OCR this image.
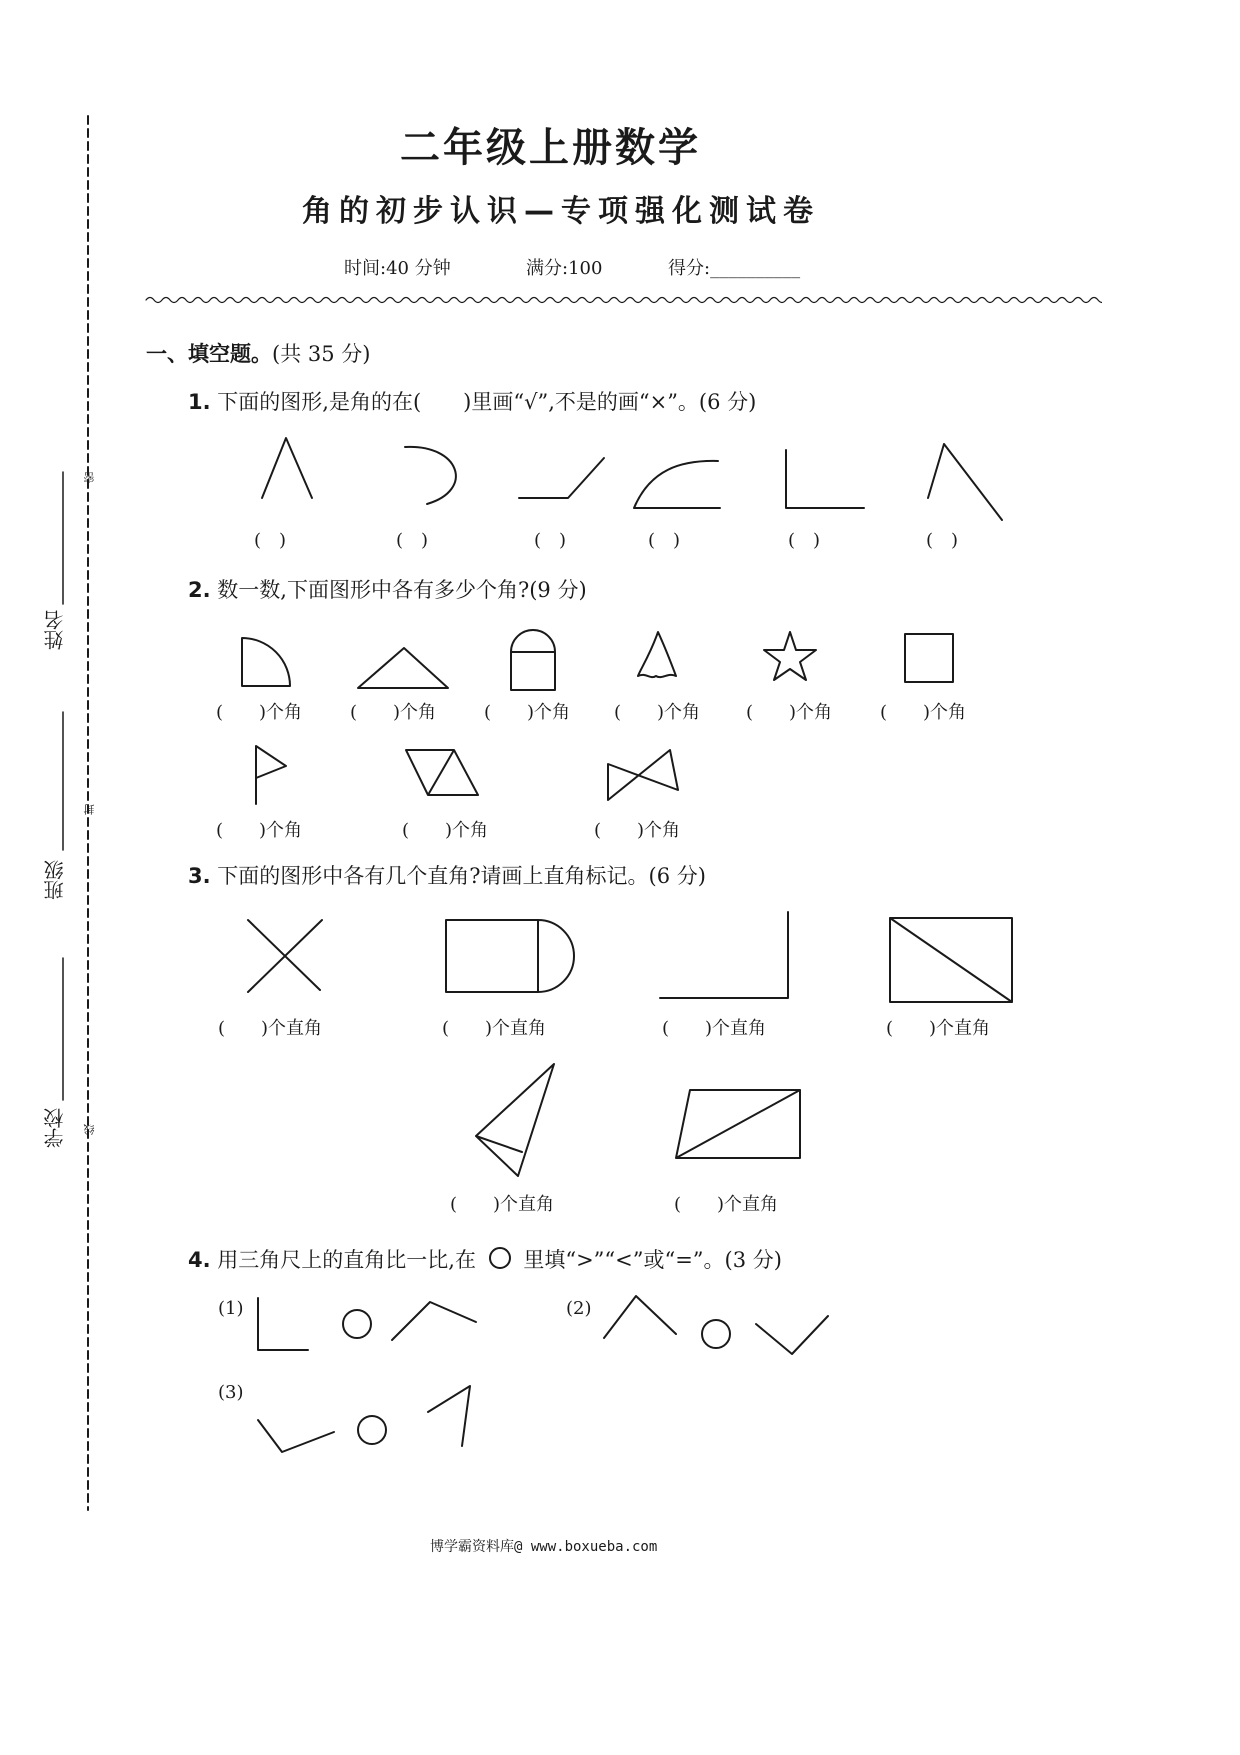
二年级上册数学
角的初步认识—专项强化测试卷
时间:40 分钟	满分:100	得分:__________
姓名
班级
学校
密
封
线
一、填空题。(共 35 分)
1. 下面的图形,是角的在(　　)里画“√”,不是的画“×”。(6 分)
(　)	(　)	(　)	(　)	(　)	(　)
2. 数一数,下面图形中各有多少个角?(9 分)
(　　)个角	(　　)个角	(　　)个角 (　　)个角	(　　)个角	(　　)个角
(　　)个角	(　　)个角	(　　)个角
3. 下面的图形中各有几个直角?请画上直角标记。(6 分)
(　　)个直角	(　　)个直角	(　　)个直角	(　　)个直角
(　　)个直角	(　　)个直角
4. 用三角尺上的直角比一比,在 里填“>”“<”或“=”。(3 分)
(1)	(2)
(3)
博学霸资料库@ www.boxueba.com
